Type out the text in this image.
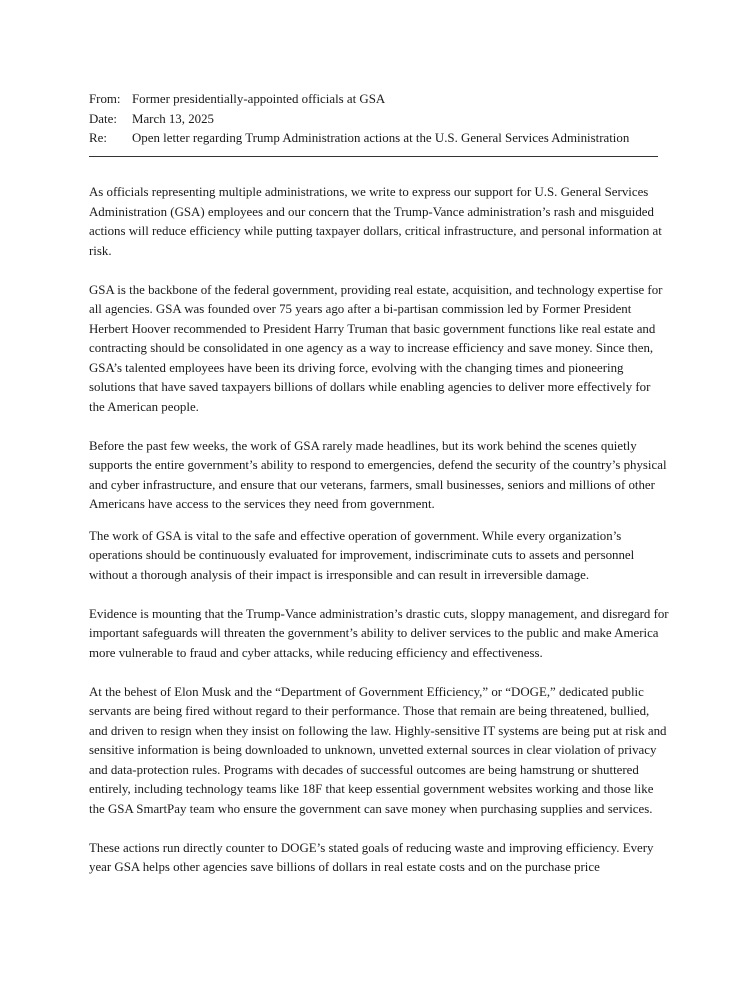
From: Former presidentially-appointed officials at GSA
Date:	March 13, 2025
Re:	Open letter regarding Trump Administration actions at the U.S. General Services Administration

As officials representing multiple administrations, we write to express our support for U.S. General Services Administration (GSA) employees and our concern that the Trump-Vance administration’s rash and misguided actions will reduce efficiency while putting taxpayer dollars, critical infrastructure, and personal information at risk.

GSA is the backbone of the federal government, providing real estate, acquisition, and technology expertise for all agencies. GSA was founded over 75 years ago after a bi-partisan commission led by Former President Herbert Hoover recommended to President Harry Truman that basic government functions like real estate and contracting should be consolidated in one agency as a way to increase efficiency and save money. Since then, GSA’s talented employees have been its driving force, evolving with the changing times and pioneering solutions that have saved taxpayers billions of dollars while enabling agencies to deliver more effectively for the American people.

Before the past few weeks, the work of GSA rarely made headlines, but its work behind the scenes quietly supports the entire government’s ability to respond to emergencies, defend the security of the country’s physical and cyber infrastructure, and ensure that our veterans, farmers, small businesses, seniors and millions of other Americans have access to the services they need from government.

The work of GSA is vital to the safe and effective operation of government. While every organization’s operations should be continuously evaluated for improvement, indiscriminate cuts to assets and personnel without a thorough analysis of their impact is irresponsible and can result in irreversible damage.

Evidence is mounting that the Trump-Vance administration’s drastic cuts, sloppy management, and disregard for important safeguards will threaten the government’s ability to deliver services to the public and make America more vulnerable to fraud and cyber attacks, while reducing efficiency and effectiveness.

At the behest of Elon Musk and the “Department of Government Efficiency,” or “DOGE,” dedicated public servants are being fired without regard to their performance. Those that remain are being threatened, bullied, and driven to resign when they insist on following the law. Highly-sensitive IT systems are being put at risk and sensitive information is being downloaded to unknown, unvetted external sources in clear violation of privacy and data-protection rules. Programs with decades of successful outcomes are being hamstrung or shuttered entirely, including technology teams like 18F that keep essential government websites working and those like the GSA SmartPay team who ensure the government can save money when purchasing supplies and services.

These actions run directly counter to DOGE’s stated goals of reducing waste and improving efficiency. Every year GSA helps other agencies save billions of dollars in real estate costs and on the purchase price
